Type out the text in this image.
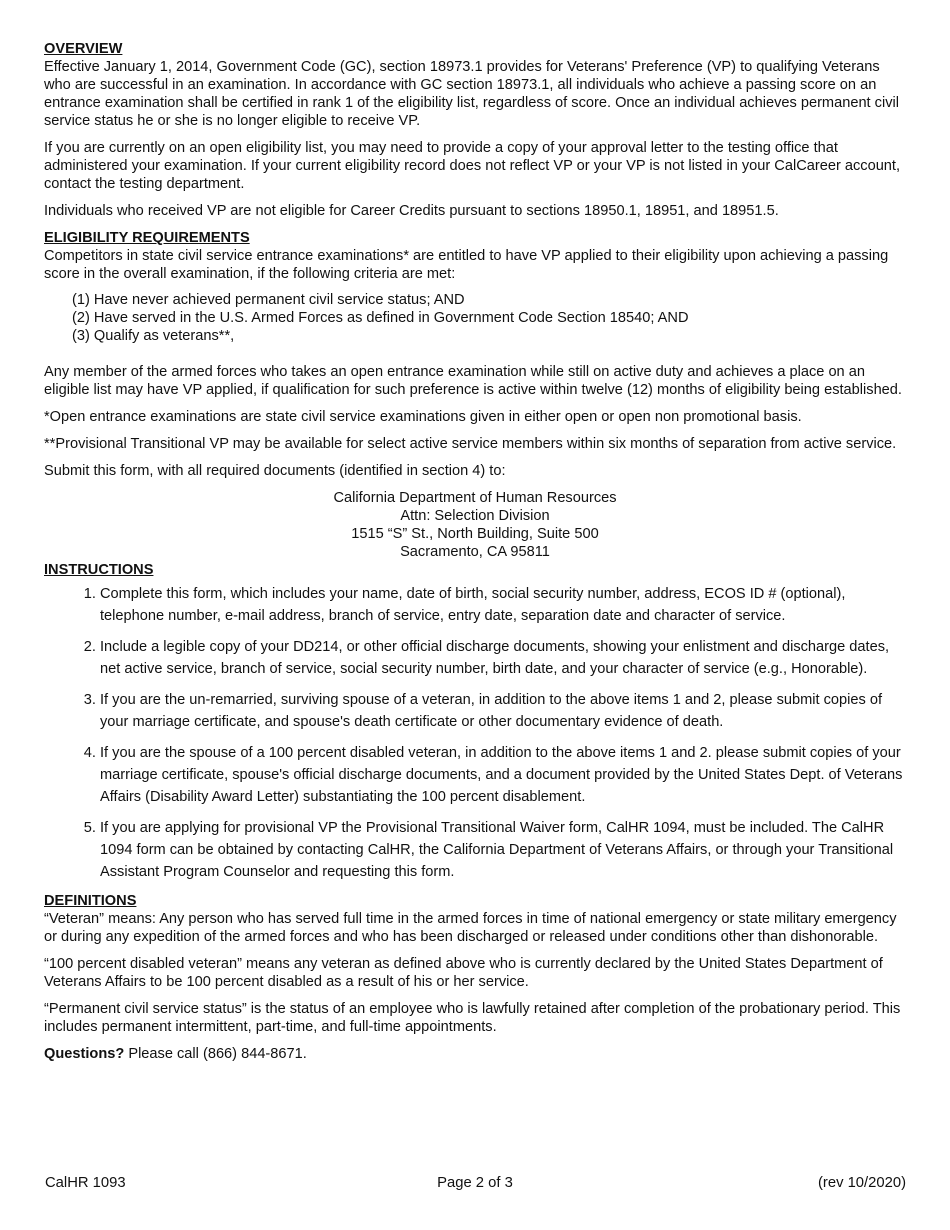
OVERVIEW

Effective January 1, 2014, Government Code (GC), section 18973.1 provides for Veterans' Preference (VP) to qualifying Veterans who are successful in an examination. In accordance with GC section 18973.1, all individuals who achieve a passing score on an entrance examination shall be certified in rank 1 of the eligibility list, regardless of score. Once an individual achieves permanent civil service status he or she is no longer eligible to receive VP.

If you are currently on an open eligibility list, you may need to provide a copy of your approval letter to the testing office that administered your examination. If your current eligibility record does not reflect VP or your VP is not listed in your CalCareer account, contact the testing department.

Individuals who received VP are not eligible for Career Credits pursuant to sections 18950.1, 18951, and 18951.5.

ELIGIBILITY REQUIREMENTS

Competitors in state civil service entrance examinations* are entitled to have VP applied to their eligibility upon achieving a passing score in the overall examination, if the following criteria are met:

(1) Have never achieved permanent civil service status; AND
(2) Have served in the U.S. Armed Forces as defined in Government Code Section 18540; AND
(3) Qualify as veterans**,

Any member of the armed forces who takes an open entrance examination while still on active duty and achieves a place on an eligible list may have VP applied, if qualification for such preference is active within twelve (12) months of eligibility being established.

*Open entrance examinations are state civil service examinations given in either open or open non promotional basis.

**Provisional Transitional VP may be available for select active service members within six months of separation from active service.

Submit this form, with all required documents (identified in section 4) to:

California Department of Human Resources
Attn: Selection Division
1515 “S” St., North Building, Suite 500
Sacramento, CA 95811
INSTRUCTIONS
1. Complete this form, which includes your name, date of birth, social security number, address, ECOS ID # (optional), telephone number, e-mail address, branch of service, entry date, separation date and character of service.
2. Include a legible copy of your DD214, or other official discharge documents, showing your enlistment and discharge dates, net active service, branch of service, social security number, birth date, and your character of service (e.g., Honorable).
3. If you are the un-remarried, surviving spouse of a veteran, in addition to the above items 1 and 2, please submit copies of your marriage certificate, and spouse's death certificate or other documentary evidence of death.
4. If you are the spouse of a 100 percent disabled veteran, in addition to the above items 1 and 2. please submit copies of your marriage certificate, spouse's official discharge documents, and a document provided by the United States Dept. of Veterans Affairs (Disability Award Letter) substantiating the 100 percent disablement.
5. If you are applying for provisional VP the Provisional Transitional Waiver form, CalHR 1094, must be included. The CalHR 1094 form can be obtained by contacting CalHR, the California Department of Veterans Affairs, or through your Transitional Assistant Program Counselor and requesting this form.
DEFINITIONS

“Veteran” means: Any person who has served full time in the armed forces in time of national emergency or state military emergency or during any expedition of the armed forces and who has been discharged or released under conditions other than dishonorable.

“100 percent disabled veteran” means any veteran as defined above who is currently declared by the United States Department of Veterans Affairs to be 100 percent disabled as a result of his or her service.

“Permanent civil service status” is the status of an employee who is lawfully retained after completion of the probationary period. This includes permanent intermittent, part-time, and full-time appointments.

Questions? Please call (866) 844-8671.

CalHR 1093	Page 2 of 3	(rev 10/2020)
